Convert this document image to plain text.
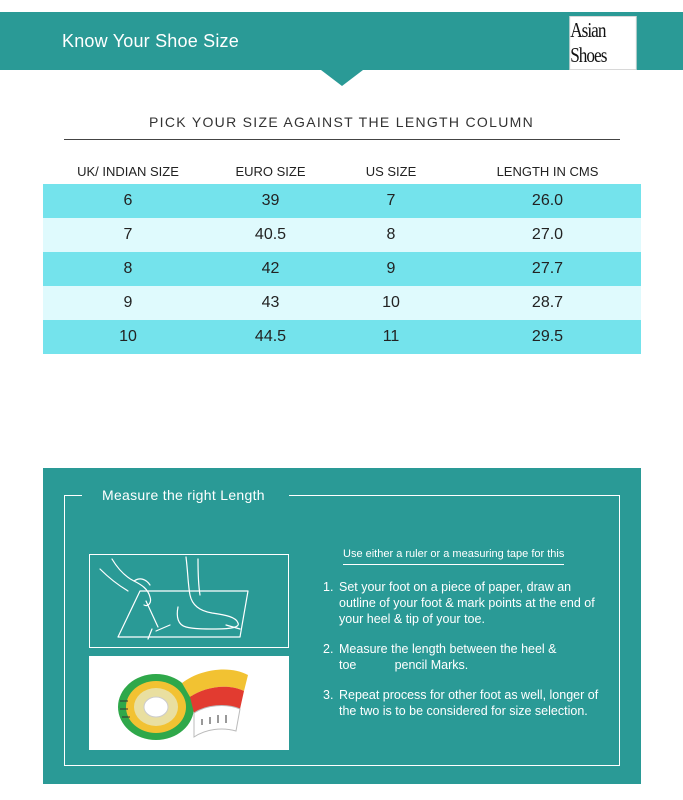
Know Your Shoe Size	Asian Shoes
PICK YOUR SIZE AGAINST THE LENGTH COLUMN
UK/ INDIAN SIZE	EURO SIZE	US SIZE	LENGTH IN CMS
6	39	7	26.0
7	40.5	8	27.0
8	42	9	27.7
9	43	10	28.7
10	44.5	11	29.5
Measure the right Length
Use either a ruler or a measuring tape for this
1. Set your foot on a piece of paper, draw an outline of your foot & mark points at the end of your heel & tip of your toe.
2. Measure the length between the heel & toe           pencil Marks.
3. Repeat process for other foot as well, longer of the two is to be considered for size selection.
